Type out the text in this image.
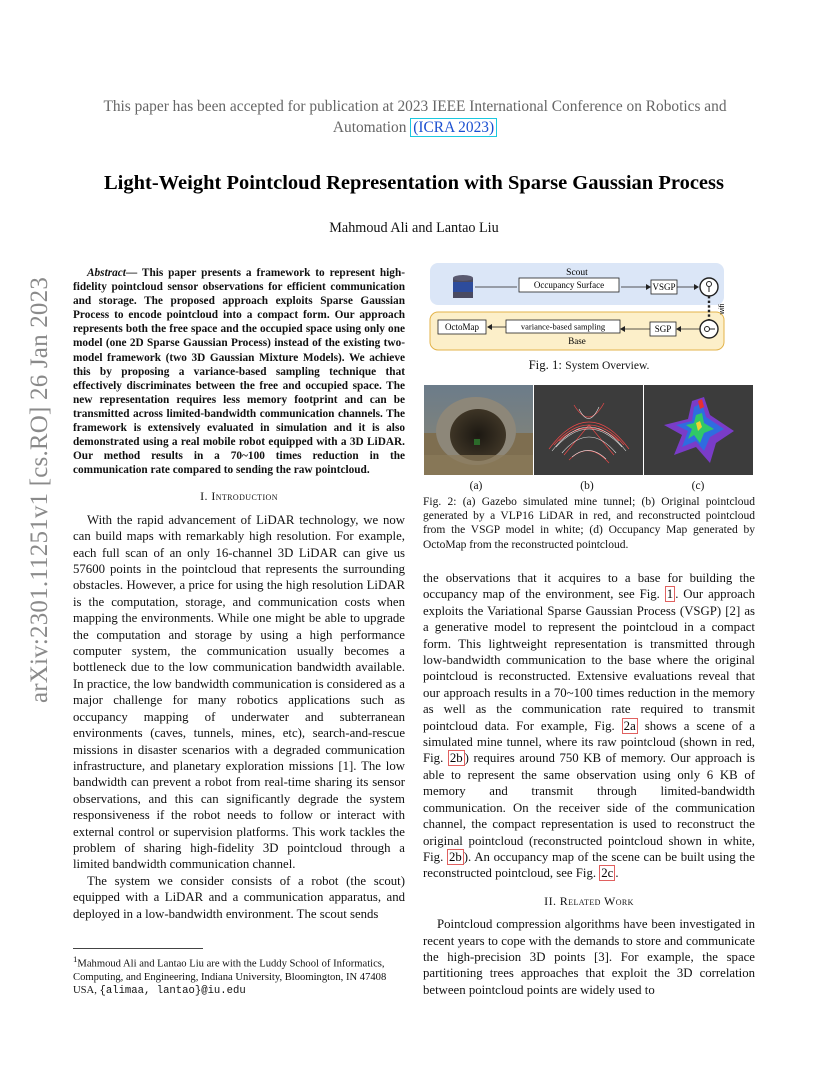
This paper has been accepted for publication at 2023 IEEE International Conference on Robotics and Automation (ICRA 2023)
Light-Weight Pointcloud Representation with Sparse Gaussian Process
Mahmoud Ali and Lantao Liu
arXiv:2301.11251v1 [cs.RO] 26 Jan 2023

Abstract— This paper presents a framework to represent high-fidelity pointcloud sensor observations for efficient communication and storage. The proposed approach exploits Sparse Gaussian Process to encode pointcloud into a compact form. Our approach represents both the free space and the occupied space using only one model (one 2D Sparse Gaussian Process) instead of the existing two-model framework (two 3D Gaussian Mixture Models). We achieve this by proposing a variance-based sampling technique that effectively discriminates between the free and occupied space. The new representation requires less memory footprint and can be transmitted across limited-bandwidth communication channels. The framework is extensively evaluated in simulation and it is also demonstrated using a real mobile robot equipped with a 3D LiDAR. Our method results in a 70~100 times reduction in the communication rate compared to sending the raw pointcloud.

I. Introduction

With the rapid advancement of LiDAR technology, we now can build maps with remarkably high resolution. For example, each full scan of an only 16-channel 3D LiDAR can give us 57600 points in the pointcloud that represents the surrounding obstacles. However, a price for using the high resolution LiDAR is the computation, storage, and communication costs when mapping the environments. While one might be able to upgrade the computation and storage by using a high performance computer system, the communication usually becomes a bottleneck due to the low communication bandwidth available. In practice, the low bandwidth communication is considered as a major challenge for many robotics applications such as occupancy mapping of underwater and subterranean environments (caves, tunnels, mines, etc), search-and-rescue missions in disaster scenarios with a degraded communication infrastructure, and planetary exploration missions [1]. The low bandwidth can prevent a robot from real-time sharing its sensor observations, and this can significantly degrade the system responsiveness if the robot needs to follow or interact with external control or supervision platforms. This work tackles the problem of sharing high-fidelity 3D pointcloud through a limited bandwidth communication channel.

The system we consider consists of a robot (the scout) equipped with a LiDAR and a communication apparatus, and deployed in a low-bandwidth environment. The scout sends

$^1$Mahmoud Ali and Lantao Liu are with the Luddy School of Informatics, Computing, and Engineering, Indiana University, Bloomington, IN 47408 USA, {alimaa, lantao}@iu.edu
Scout
Occupancy Surface	VSGP
wifi
SGP
variance-based sampling
OctoMap
Base
Fig. 1: System Overview.
(a)	(b)	(c)
Fig. 2: (a) Gazebo simulated mine tunnel; (b) Original pointcloud generated by a VLP16 LiDAR in red, and reconstructed pointcloud from the VSGP model in white; (d) Occupancy Map generated by OctoMap from the reconstructed pointcloud.

the observations that it acquires to a base for building the occupancy map of the environment, see Fig. 1 . Our approach exploits the Variational Sparse Gaussian Process (VSGP) [2] as a generative model to represent the pointcloud in a compact form. This lightweight representation is transmitted through low-bandwidth communication to the base where the original pointcloud is reconstructed. Extensive evaluations reveal that our approach results in a 70~100 times reduction in the memory as well as the communication rate required to transmit pointcloud data. For example, Fig. 2a shows a scene of a simulated mine tunnel, where its raw pointcloud (shown in red, Fig. 2b ) requires around 750 KB of memory. Our approach is able to represent the same observation using only 6 KB of memory and transmit through limited-bandwidth communication. On the receiver side of the communication channel, the compact representation is used to reconstruct the original pointcloud (reconstructed pointcloud shown in white, Fig. 2b ). An occupancy map of the scene can be built using the reconstructed pointcloud, see Fig. 2c .

II. Related Work

Pointcloud compression algorithms have been investigated in recent years to cope with the demands to store and communicate the high-precision 3D points [3]. For example, the space partitioning trees approaches that exploit the 3D correlation between pointcloud points are widely used to
